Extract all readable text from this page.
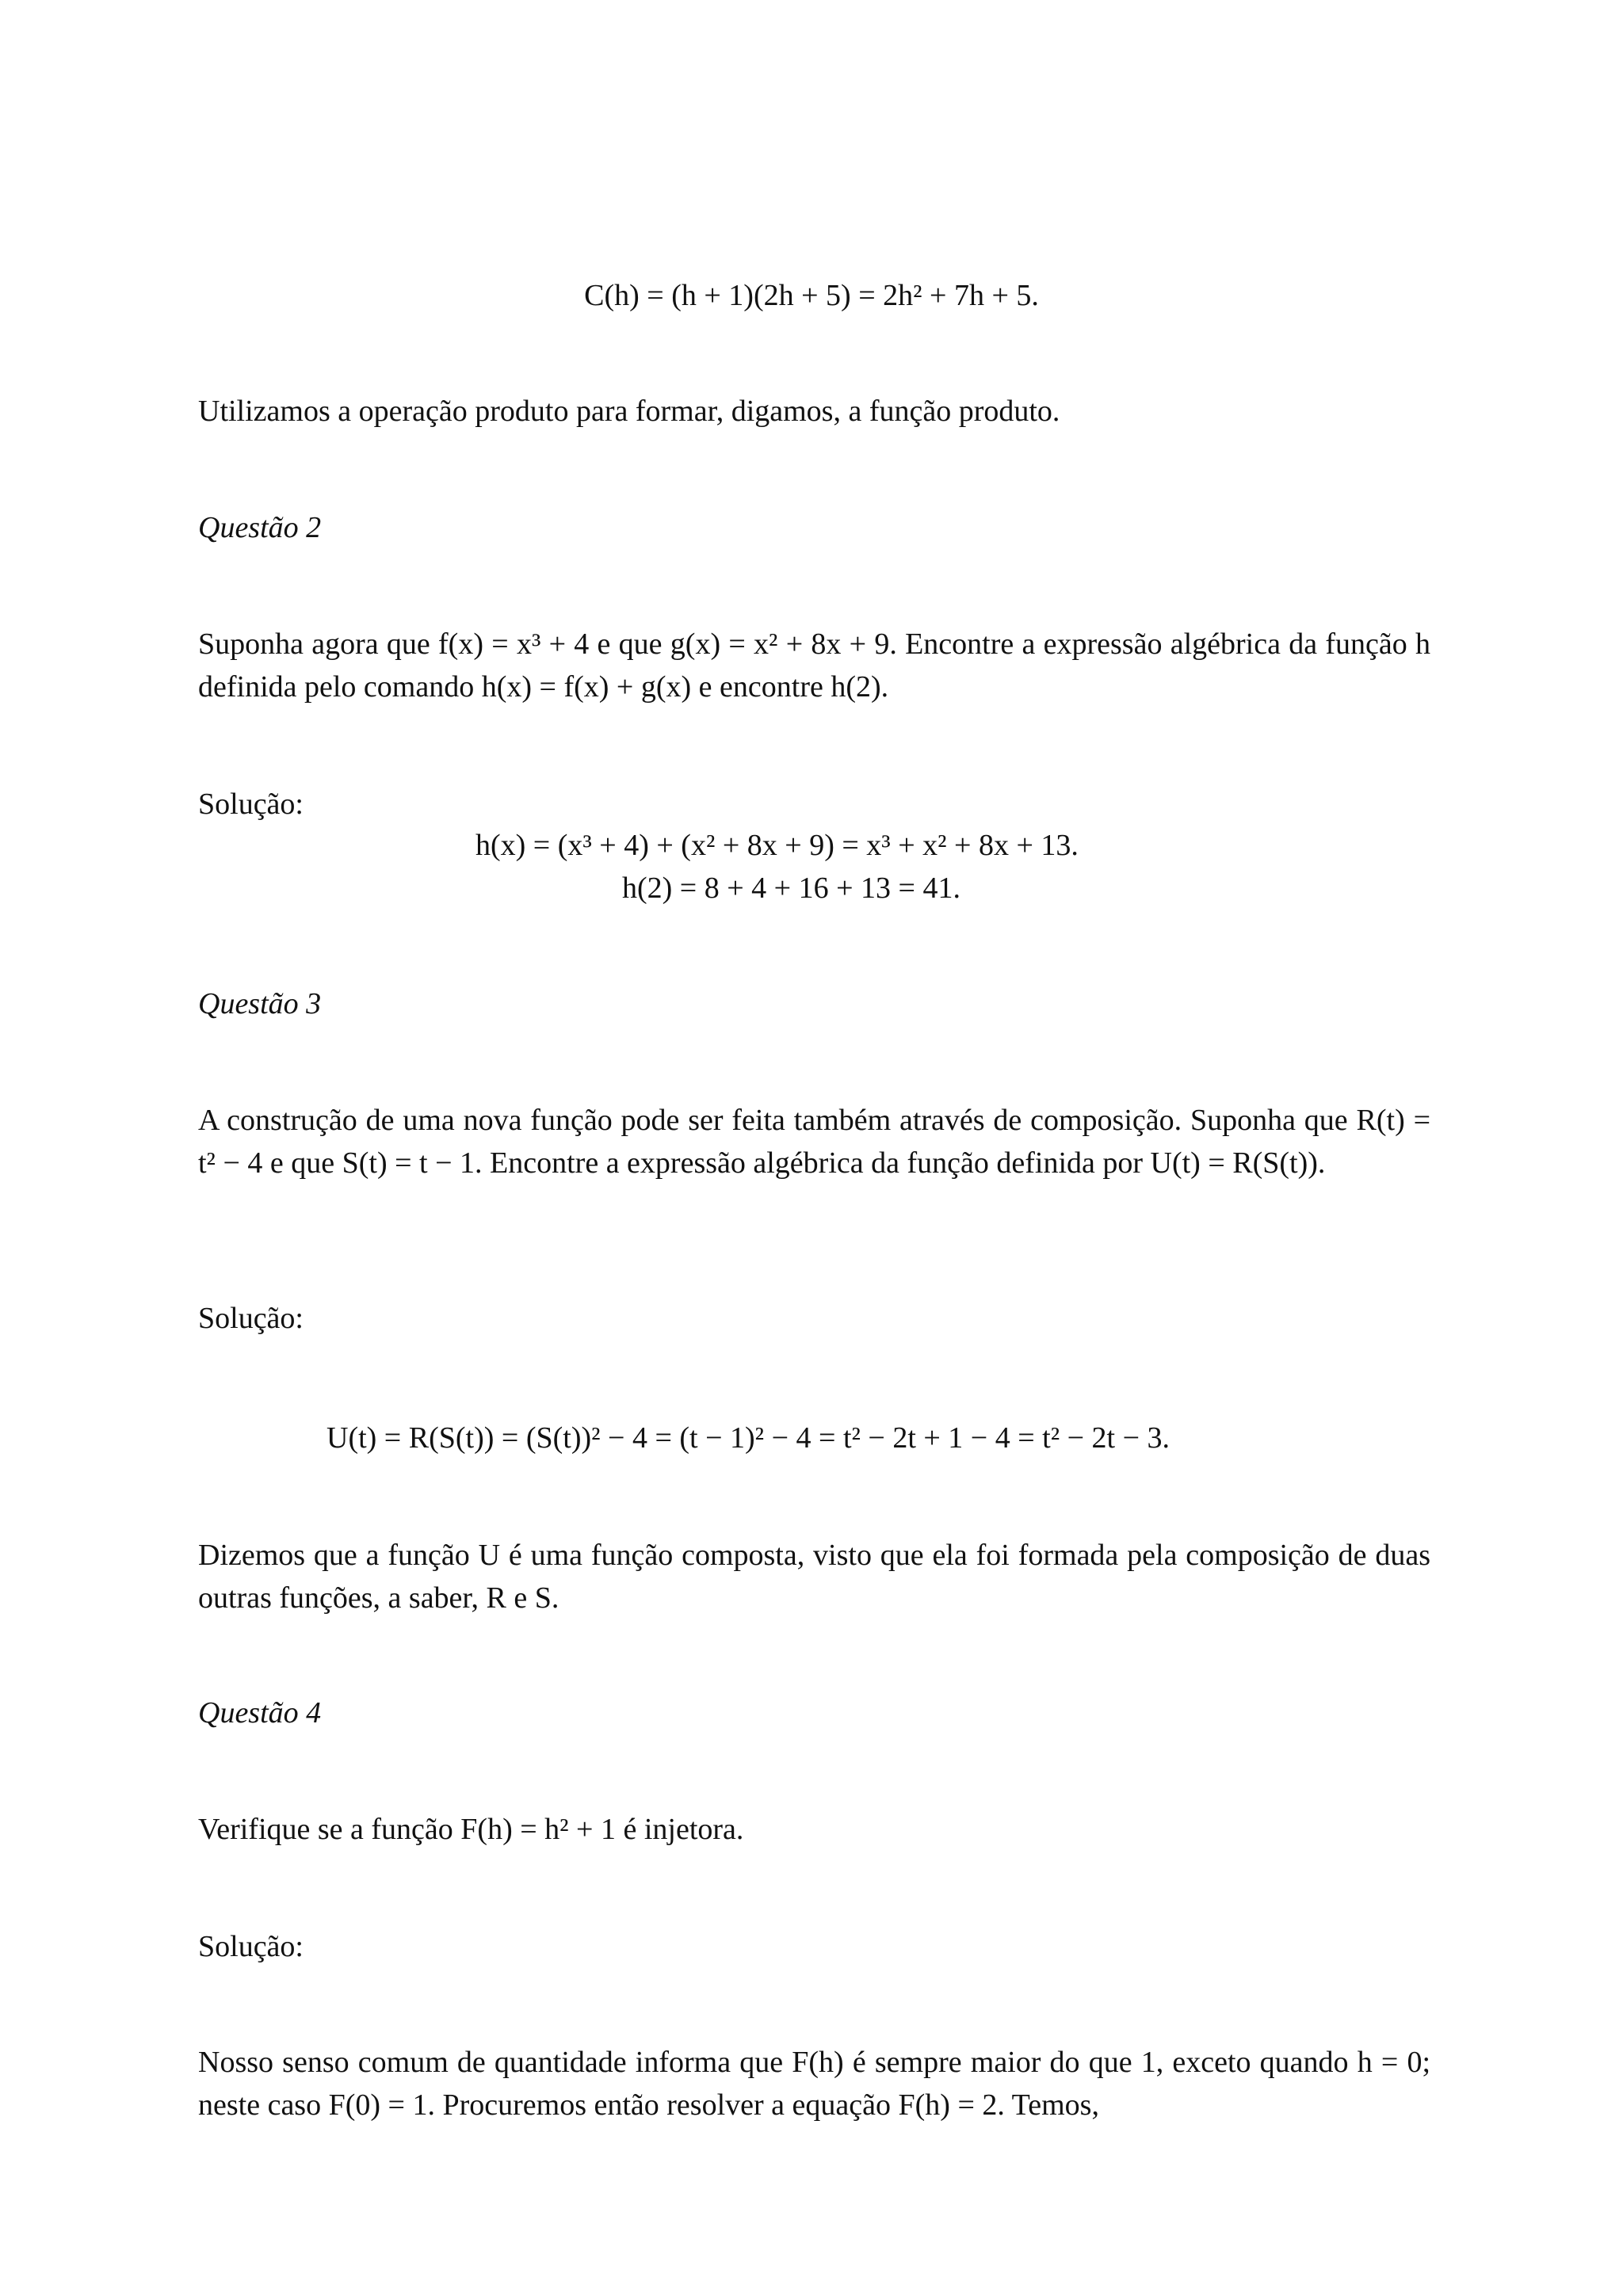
C(h) = (h + 1)(2h + 5) = 2h² + 7h + 5.
Utilizamos a operação produto para formar, digamos, a função produto.
Questão 2
Suponha agora que f(x) = x³ + 4 e que g(x) = x² + 8x + 9. Encontre a expressão algébrica da função h definida pelo comando h(x) = f(x) + g(x) e encontre h(2).
Solução:
h(x) = (x³ + 4) + (x² + 8x + 9) = x³ + x² + 8x + 13.
h(2) = 8 + 4 + 16 + 13 = 41.
Questão 3
A construção de uma nova função pode ser feita também através de composição. Suponha que R(t) = t² − 4 e que S(t) = t − 1. Encontre a expressão algébrica da função definida por U(t) = R(S(t)).
Solução:
U(t) = R(S(t)) = (S(t))² − 4 = (t − 1)² − 4 = t² − 2t + 1 − 4 = t² − 2t − 3.
Dizemos que a função U é uma função composta, visto que ela foi formada pela composição de duas outras funções, a saber, R e S.
Questão 4
Verifique se a função F(h) = h² + 1 é injetora.
Solução:
Nosso senso comum de quantidade informa que F(h) é sempre maior do que 1, exceto quando h = 0; neste caso F(0) = 1. Procuremos então resolver a equação F(h) = 2. Temos,
